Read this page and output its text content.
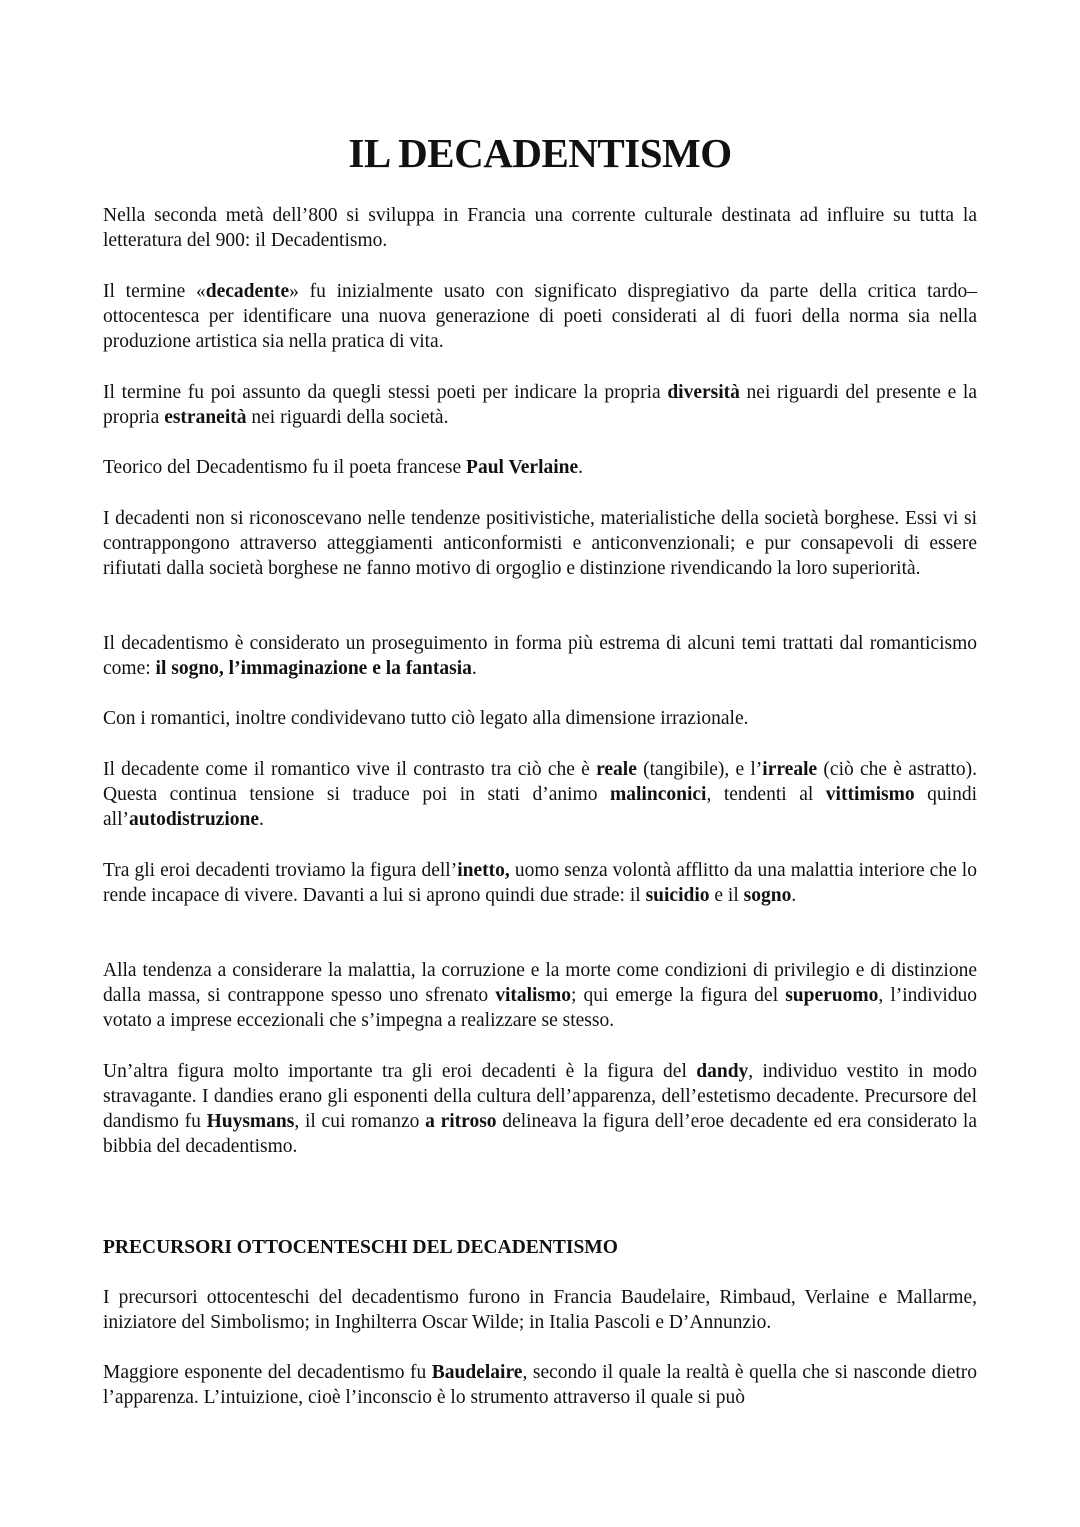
IL DECADENTISMO

Nella seconda metà dell’800 si sviluppa in Francia una corrente culturale destinata ad influire su tutta la letteratura del 900: il Decadentismo.

Il termine «decadente» fu inizialmente usato con significato dispregiativo da parte della critica tardo–ottocentesca per identificare una nuova generazione di poeti considerati al di fuori della norma sia nella produzione artistica sia nella pratica di vita.

Il termine fu poi assunto da quegli stessi poeti per indicare la propria diversità nei riguardi del presente e la propria estraneità nei riguardi della società.

Teorico del Decadentismo fu il poeta francese Paul Verlaine.

I decadenti non si riconoscevano nelle tendenze positivistiche, materialistiche della società borghese. Essi vi si contrappongono attraverso atteggiamenti anticonformisti e anticonvenzionali; e pur consapevoli di essere rifiutati dalla società borghese ne fanno motivo di orgoglio e distinzione rivendicando la loro superiorità.

Il decadentismo è considerato un proseguimento in forma più estrema di alcuni temi trattati dal romanticismo come: il sogno, l’immaginazione e la fantasia.

Con i romantici, inoltre condividevano tutto ciò legato alla dimensione irrazionale.

Il decadente come il romantico vive il contrasto tra ciò che è reale (tangibile), e l’irreale (ciò che è astratto). Questa continua tensione si traduce poi in stati d’animo malinconici, tendenti al vittimismo quindi all’autodistruzione.

Tra gli eroi decadenti troviamo la figura dell’inetto, uomo senza volontà afflitto da una malattia interiore che lo rende incapace di vivere. Davanti a lui si aprono quindi due strade: il suicidio e il sogno.

Alla tendenza a considerare la malattia, la corruzione e la morte come condizioni di privilegio e di distinzione dalla massa, si contrappone spesso uno sfrenato vitalismo; qui emerge la figura del superuomo, l’individuo votato a imprese eccezionali che s’impegna a realizzare se stesso.

Un’altra figura molto importante tra gli eroi decadenti è la figura del dandy, individuo vestito in modo stravagante. I dandies erano gli esponenti della cultura dell’apparenza, dell’estetismo decadente. Precursore del dandismo fu Huysmans, il cui romanzo a ritroso delineava la figura dell’eroe decadente ed era considerato la bibbia del decadentismo.

PRECURSORI OTTOCENTESCHI DEL DECADENTISMO

I precursori ottocenteschi del decadentismo furono in Francia Baudelaire, Rimbaud, Verlaine e Mallarme, iniziatore del Simbolismo; in Inghilterra Oscar Wilde; in Italia Pascoli e D’Annunzio.

Maggiore esponente del decadentismo fu Baudelaire, secondo il quale la realtà è quella che si nasconde dietro l’apparenza. L’intuizione, cioè l’inconscio è lo strumento attraverso il quale si può
